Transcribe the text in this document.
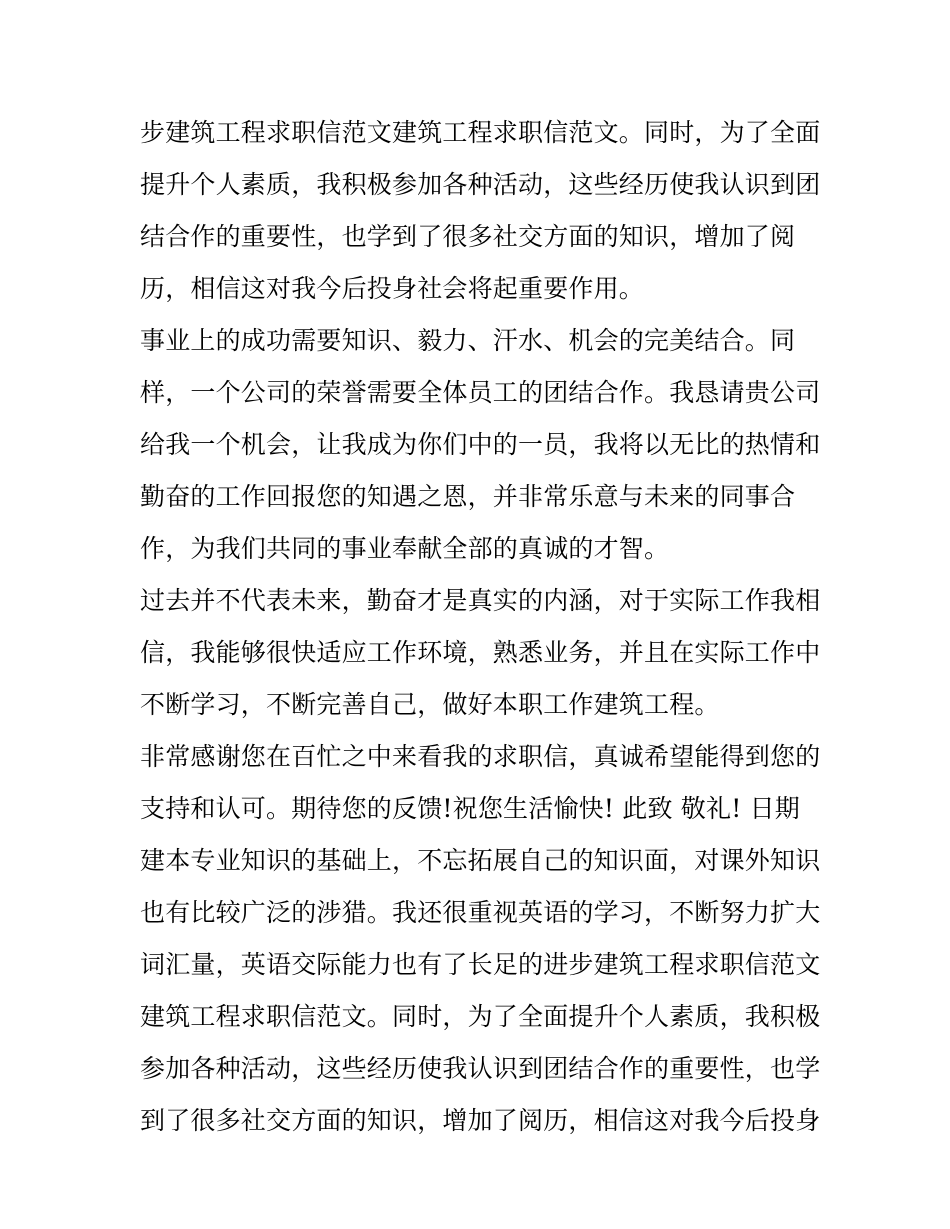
步建筑工程求职信范文建筑工程求职信范文。同时，为了全面
提升个人素质，我积极参加各种活动，这些经历使我认识到团
结合作的重要性，也学到了很多社交方面的知识，增加了阅
历，相信这对我今后投身社会将起重要作用。
事业上的成功需要知识、毅力、汗水、机会的完美结合。同
样，一个公司的荣誉需要全体员工的团结合作。我恳请贵公司
给我一个机会，让我成为你们中的一员，我将以无比的热情和
勤奋的工作回报您的知遇之恩，并非常乐意与未来的同事合
作，为我们共同的事业奉献全部的真诚的才智。
过去并不代表未来，勤奋才是真实的内涵，对于实际工作我相
信，我能够很快适应工作环境，熟悉业务，并且在实际工作中
不断学习，不断完善自己，做好本职工作建筑工程。
非常感谢您在百忙之中来看我的求职信，真诚希望能得到您的
支持和认可。期待您的反馈!祝您生活愉快! 此致 敬礼! 日期
建本专业知识的基础上，不忘拓展自己的知识面，对课外知识
也有比较广泛的涉猎。我还很重视英语的学习，不断努力扩大
词汇量，英语交际能力也有了长足的进步建筑工程求职信范文
建筑工程求职信范文。同时，为了全面提升个人素质，我积极
参加各种活动，这些经历使我认识到团结合作的重要性，也学
到了很多社交方面的知识，增加了阅历，相信这对我今后投身
